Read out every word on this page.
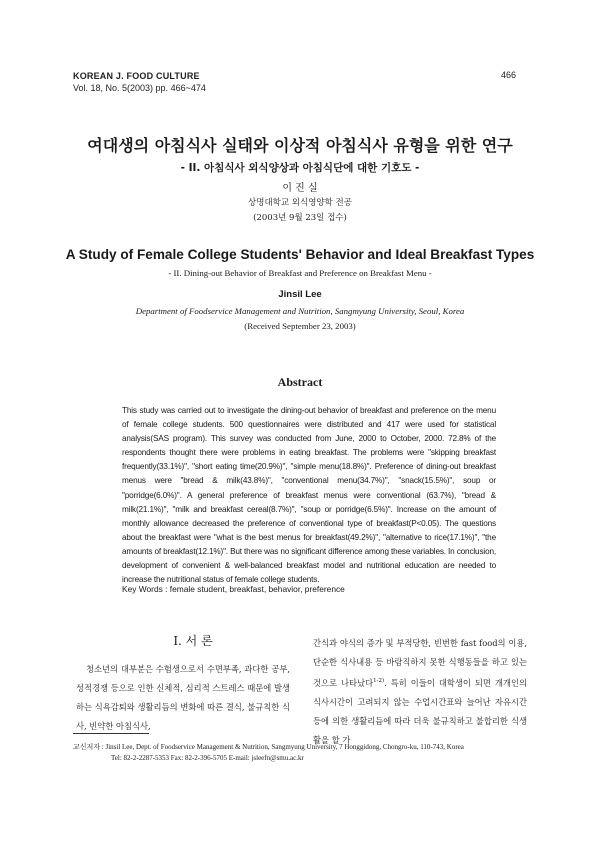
KOREAN J. FOOD CULTURE
Vol. 18, No. 5(2003) pp. 466~474
466
여대생의 아침식사 실태와 이상적 아침식사 유형을 위한 연구
- II. 아침식사 외식양상과 아침식단에 대한 기호도 -
이 진 실
상명대학교 외식영양학 전공
(2003년 9월 23일 접수)
A Study of Female College Students' Behavior and Ideal Breakfast Types
- II. Dining-out Behavior of Breakfast and Preference on Breakfast Menu -
Jinsil Lee
Department of Foodservice Management and Nutrition, Sangmyung University, Seoul, Korea
(Received September 23, 2003)
Abstract
This study was carried out to investigate the dining-out behavior of breakfast and preference on the menu of female college students. 500 questionnaires were distributed and 417 were used for statistical analysis(SAS program). This survey was conducted from June, 2000 to October, 2000. 72.8% of the respondents thought there were problems in eating breakfast. The problems were "skipping breakfast frequently(33.1%)", "short eating time(20.9%)", "simple menu(18.8%)". Preference of dining-out breakfast menus were "bread & milk(43.8%)", "conventional menu(34.7%)", "snack(15.5%)", soup or "porridge(6.0%)". A general preference of breakfast menus were conventional (63.7%), "bread & milk(21.1%)", "milk and breakfast cereal(8.7%)", "soup or porridge(6.5%)". Increase on the amount of monthly allowance decreased the preference of conventional type of breakfast(P<0.05). The questions about the breakfast were "what is the best menus for breakfast(49.2%)", "alternative to rice(17.1%)", "the amounts of breakfast(12.1%)". But there was no significant difference among these variables. In conclusion, development of convenient & well-balanced breakfast model and nutritional education are needed to increase the nutritional status of female college students.
Key Words : female student, breakfast, behavior, preference
I. 서 론
청소년의 대부분은 수험생으로서 수면부족, 과다한 공부, 성적경쟁 등으로 인한 신체적, 심리적 스트레스 때문에 발생하는 식욕감퇴와 생활리듬의 변화에 따른 결식, 불규칙한 식사, 빈약한 아침식사,
간식과 야식의 증가 및 부적당한, 빈번한 fast food의 이용, 단순한 식사내용 등 바람직하지 못한 식행동들을 하고 있는 것으로 나타났다$^{1-2)}$. 특히 이들이 대학생이 되면 개개인의 식사시간이 고려되지 않는 수업시간표와 늘어난 자유시간 등에 의한 생활리듬에 따라 더욱 불규칙하고 불합리한 식생활을 할 가
교신저자 : Jinsil Lee, Dept. of Foodservice Management & Nutrition, Sangmyung University, 7 Honggidong, Chongro-ku, 110-743, Korea
Tel: 82-2-2287-5353 Fax: 82-2-396-5705 E-mail: jsleefn@smu.ac.kr
